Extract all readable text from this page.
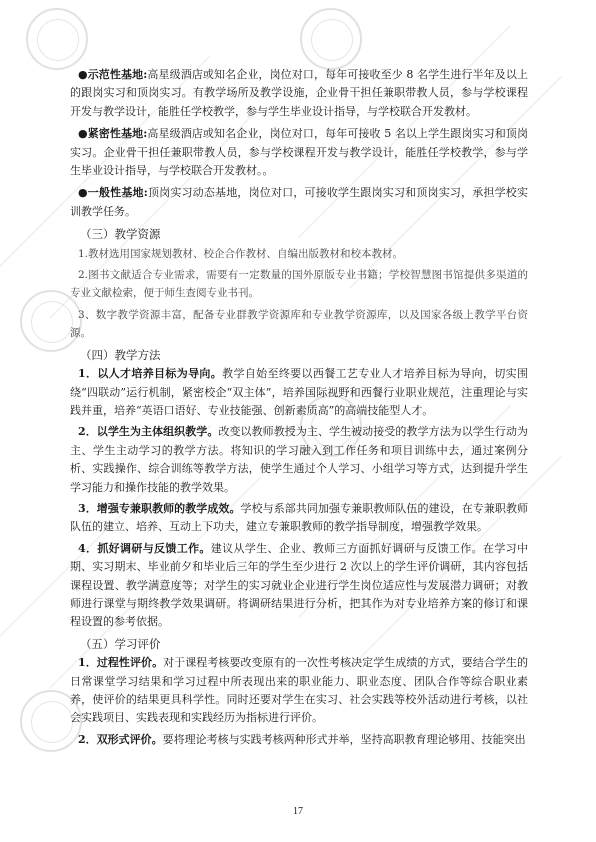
●示范性基地:高星级酒店或知名企业，岗位对口，每年可接收至少 8 名学生进行半年及以上的跟岗实习和顶岗实习。有教学场所及教学设施，企业骨干担任兼职带教人员，参与学校课程开发与教学设计，能胜任学校教学，参与学生毕业设计指导，与学校联合开发教材。

●紧密性基地:高星级酒店或知名企业，岗位对口，每年可接收 5 名以上学生跟岗实习和顶岗实习。企业骨干担任兼职带教人员，参与学校课程开发与教学设计，能胜任学校教学，参与学生毕业设计指导，与学校联合开发教材。。

●一般性基地:顶岗实习动态基地，岗位对口，可接收学生跟岗实习和顶岗实习，承担学校实训教学任务。

（三）教学资源

1.教材选用国家规划教材、校企合作教材、自编出版教材和校本教材。

2.图书文献适合专业需求，需要有一定数量的国外原版专业书籍；学校智慧图书馆提供多渠道的专业文献检索，便于师生查阅专业书刊。

3、数字教学资源丰富，配备专业群教学资源库和专业教学资源库，以及国家各级上教学平台资源。

（四）教学方法

1．以人才培养目标为导向。教学自始至终要以西餐工艺专业人才培养目标为导向，切实围绕“四联动”运行机制，紧密校企“双主体”，培养国际视野和西餐行业职业规范，注重理论与实践并重，培养“英语口语好、专业技能强、创新素质高”的高端技能型人才。

2．以学生为主体组织教学。改变以教师教授为主、学生被动接受的教学方法为以学生行动为主、学生主动学习的教学方法。将知识的学习融入到工作任务和项目训练中去，通过案例分析、实践操作、综合训练等教学方法，使学生通过个人学习、小组学习等方式，达到提升学生学习能力和操作技能的教学效果。

3．增强专兼职教师的教学成效。学校与系部共同加强专兼职教师队伍的建设，在专兼职教师队伍的建立、培养、互动上下功夫，建立专兼职教师的教学指导制度，增强教学效果。

4．抓好调研与反馈工作。建议从学生、企业、教师三方面抓好调研与反馈工作。在学习中期、实习期末、毕业前夕和毕业后三年的学生至少进行 2 次以上的学生评价调研，其内容包括课程设置、教学满意度等；对学生的实习就业企业进行学生岗位适应性与发展潜力调研；对教师进行课堂与期终教学效果调研。将调研结果进行分析，把其作为对专业培养方案的修订和课程设置的参考依据。

（五）学习评价

1．过程性评价。对于课程考核要改变原有的一次性考核决定学生成绩的方式，要结合学生的日常课堂学习结果和学习过程中所表现出来的职业能力、职业态度、团队合作等综合职业素养，使评价的结果更具科学性。同时还要对学生在实习、社会实践等校外活动进行考核，以社会实践项目、实践表现和实践经历为指标进行评价。

2．双形式评价。要将理论考核与实践考核两种形式并举，坚持高职教育理论够用、技能突出

17
